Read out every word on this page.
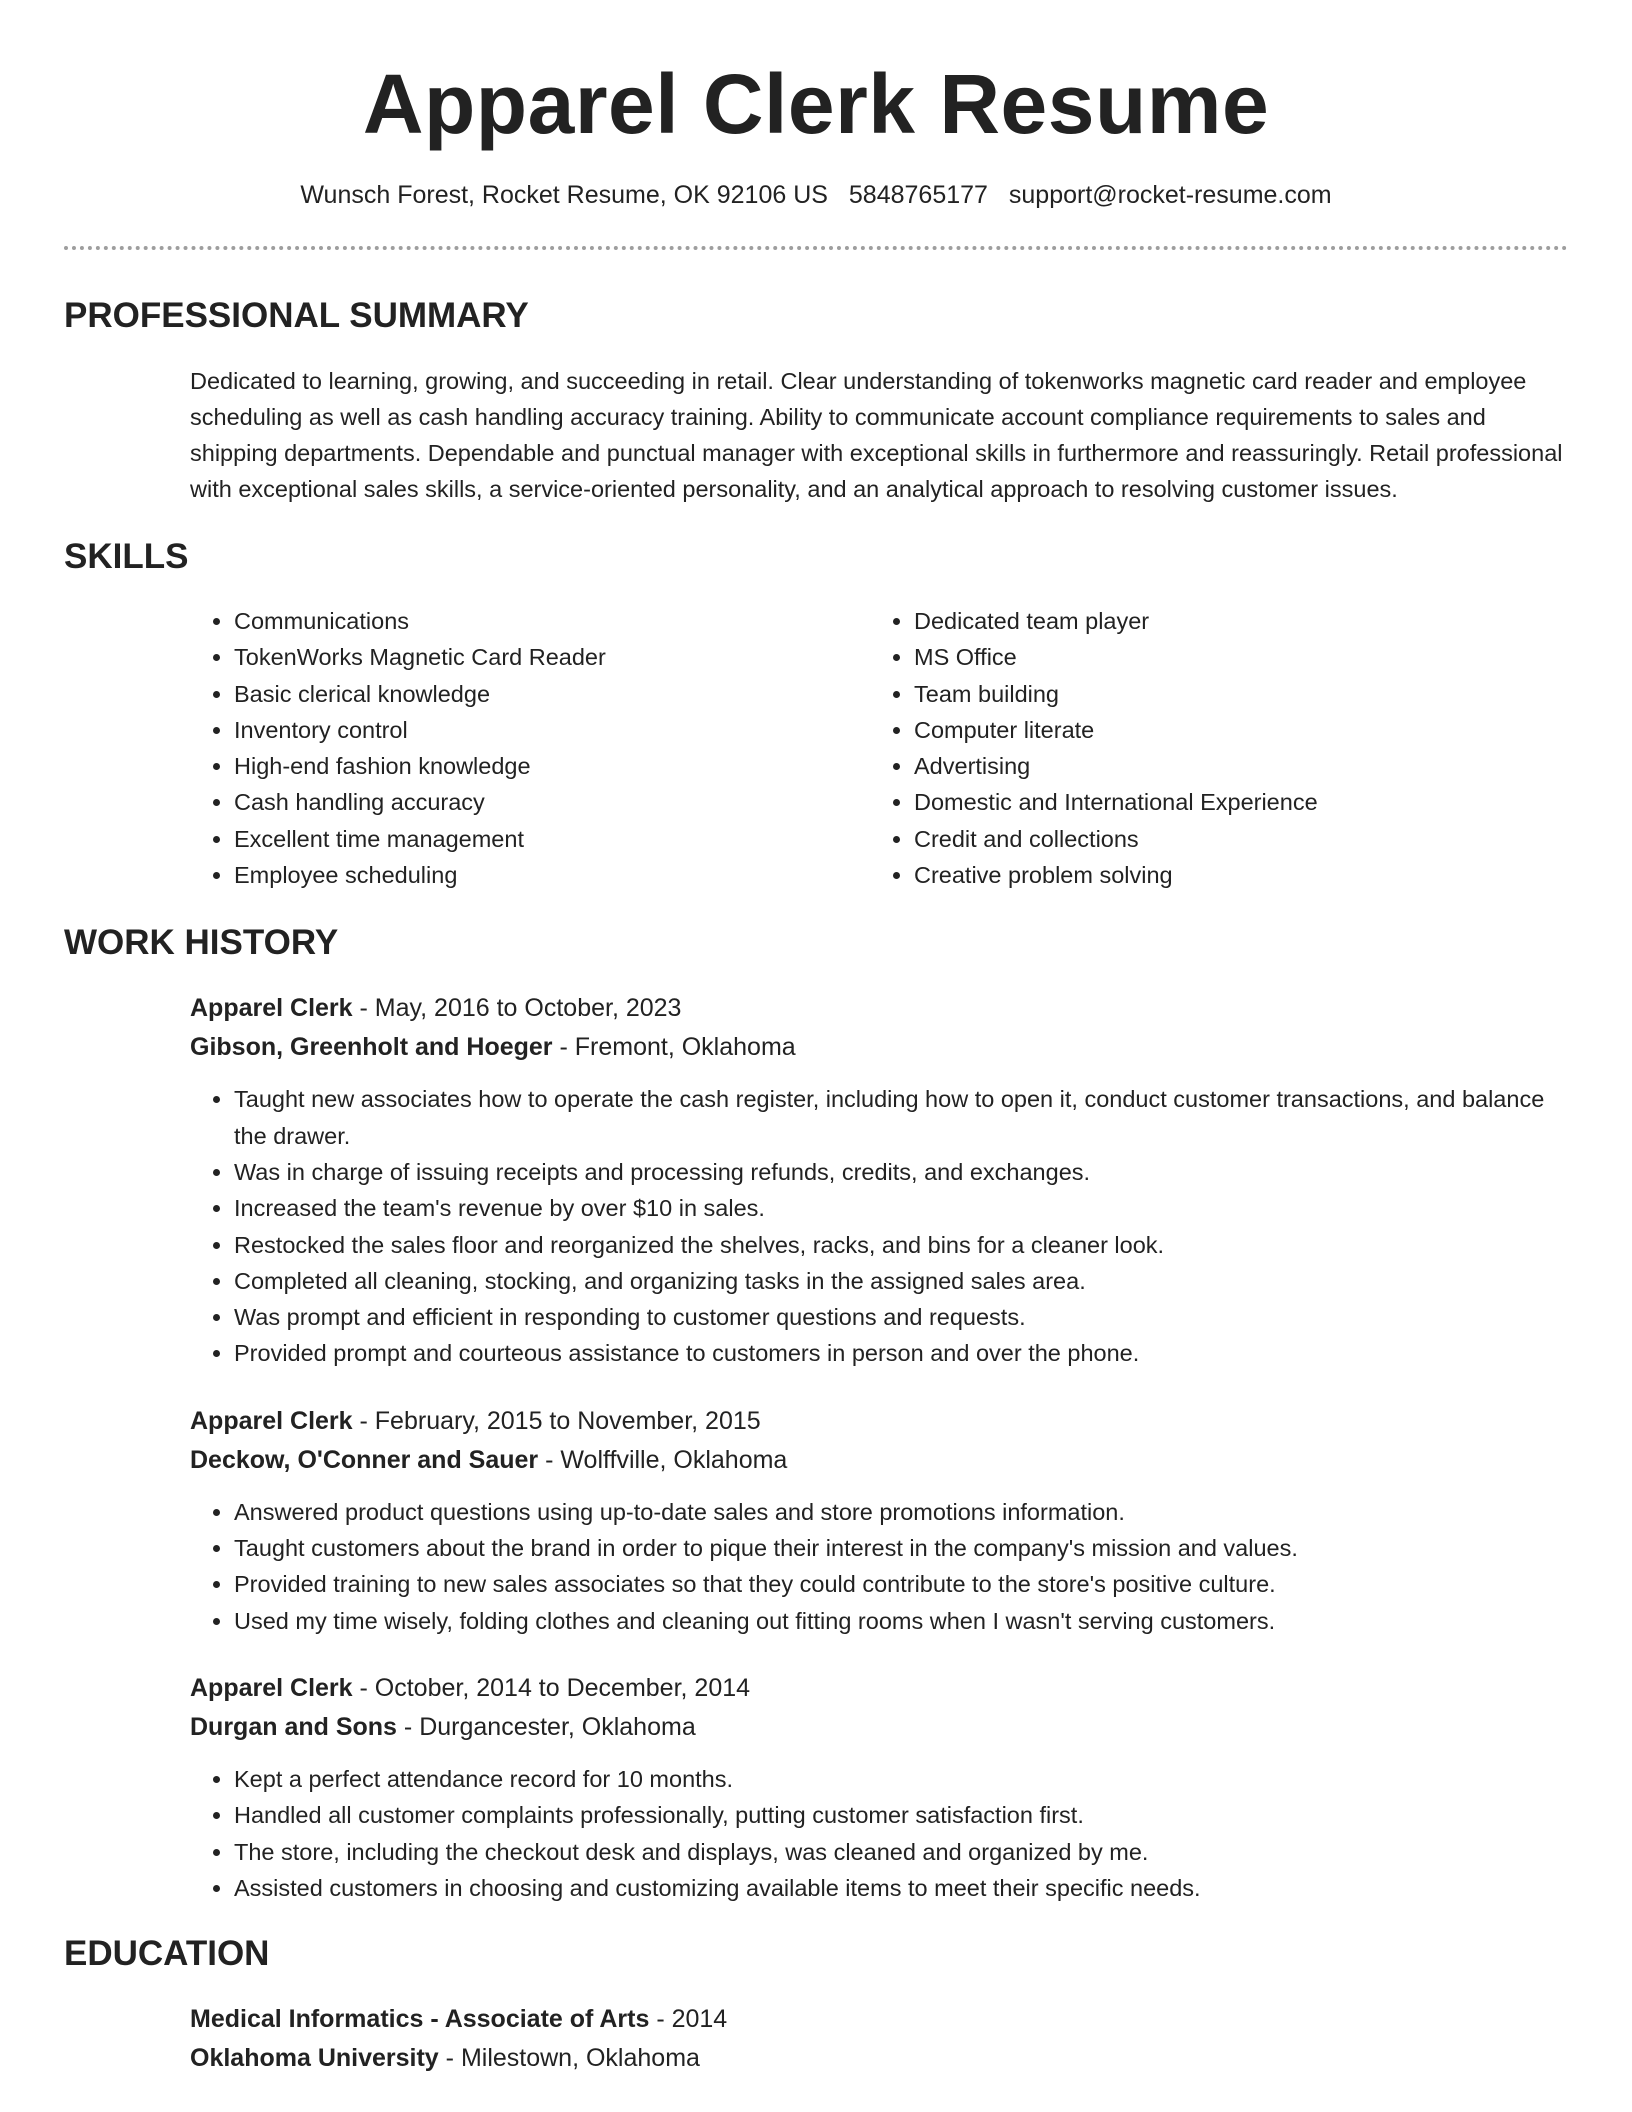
Apparel Clerk Resume
Wunsch Forest, Rocket Resume, OK 92106 US 5848765177 support@rocket-resume.com
PROFESSIONAL SUMMARY

Dedicated to learning, growing, and succeeding in retail. Clear understanding of tokenworks magnetic card reader and employee scheduling as well as cash handling accuracy training. Ability to communicate account compliance requirements to sales and shipping departments. Dependable and punctual manager with exceptional skills in furthermore and reassuringly. Retail professional with exceptional sales skills, a service-oriented personality, and an analytical approach to resolving customer issues.

SKILLS
• Communications
• TokenWorks Magnetic Card Reader
• Basic clerical knowledge
• Inventory control
• High-end fashion knowledge
• Cash handling accuracy
• Excellent time management
• Employee scheduling
• Dedicated team player
• MS Office
• Team building
• Computer literate
• Advertising
• Domestic and International Experience
• Credit and collections
• Creative problem solving
WORK HISTORY
Apparel Clerk - May, 2016 to October, 2023
Gibson, Greenholt and Hoeger - Fremont, Oklahoma
• Taught new associates how to operate the cash register, including how to open it, conduct customer transactions, and balance the drawer.
• Was in charge of issuing receipts and processing refunds, credits, and exchanges.
• Increased the team's revenue by over $10 in sales.
• Restocked the sales floor and reorganized the shelves, racks, and bins for a cleaner look.
• Completed all cleaning, stocking, and organizing tasks in the assigned sales area.
• Was prompt and efficient in responding to customer questions and requests.
• Provided prompt and courteous assistance to customers in person and over the phone.
Apparel Clerk - February, 2015 to November, 2015
Deckow, O'Conner and Sauer - Wolffville, Oklahoma
• Answered product questions using up-to-date sales and store promotions information.
• Taught customers about the brand in order to pique their interest in the company's mission and values.
• Provided training to new sales associates so that they could contribute to the store's positive culture.
• Used my time wisely, folding clothes and cleaning out fitting rooms when I wasn't serving customers.
Apparel Clerk - October, 2014 to December, 2014
Durgan and Sons - Durgancester, Oklahoma
• Kept a perfect attendance record for 10 months.
• Handled all customer complaints professionally, putting customer satisfaction first.
• The store, including the checkout desk and displays, was cleaned and organized by me.
• Assisted customers in choosing and customizing available items to meet their specific needs.
EDUCATION
Medical Informatics - Associate of Arts - 2014
Oklahoma University - Milestown, Oklahoma
